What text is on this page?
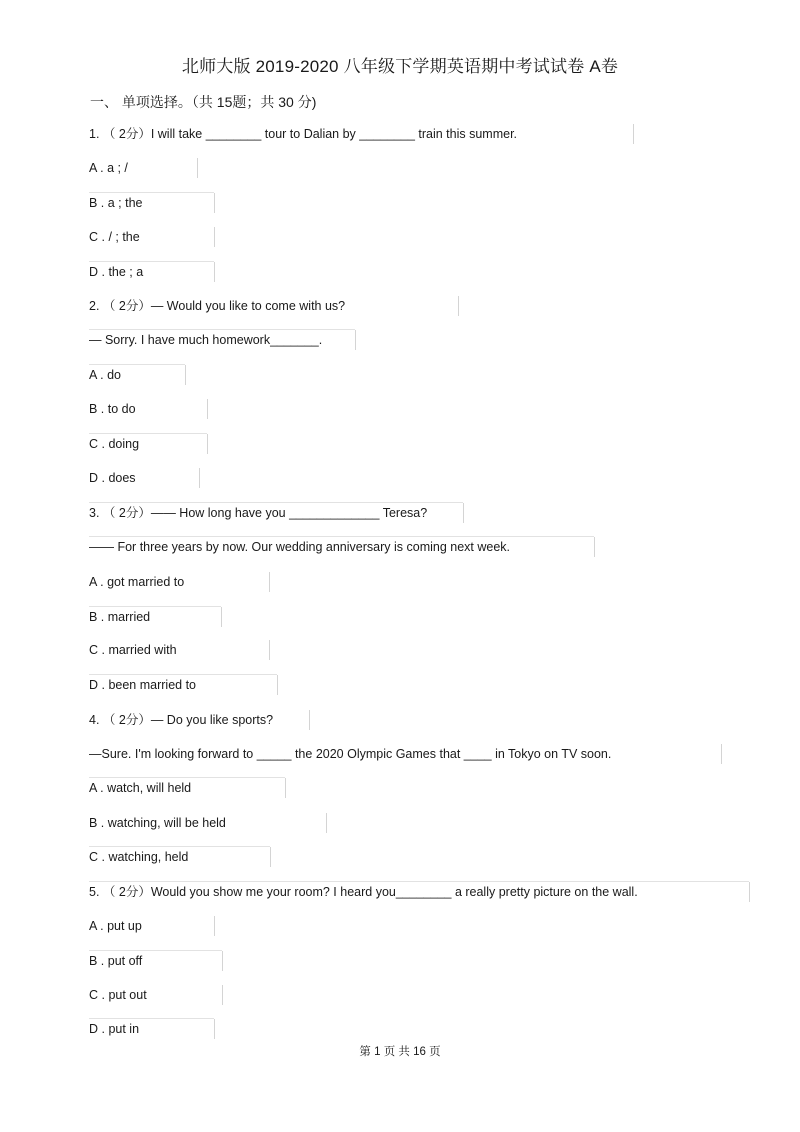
北师大版 2019-2020 八年级下学期英语期中考试试卷 A卷
一、 单项选择。（共 15题；共 30 分)
1. （ 2分）I will take ________ tour to Dalian by ________ train this summer.
A . a ; /
B . a ; the
C . / ; the
D . the ; a
2. （ 2分）— Would you like to come with us?
— Sorry. I have much homework_______.
A . do
B . to do
C . doing
D . does
3. （ 2分）—— How long have you _____________ Teresa?
—— For three years by now. Our wedding anniversary is coming next week.
A . got married to
B . married
C . married with
D . been married to
4. （ 2分）— Do you like sports?
—Sure. I'm looking forward to _____ the 2020 Olympic Games that ____ in Tokyo on TV soon.
A . watch, will held
B . watching, will be held
C . watching, held
5. （ 2分）Would you show me your room? I heard you________ a really pretty picture on the wall.
A . put up
B . put off
C . put out
D . put in
第 1 页 共 16 页
